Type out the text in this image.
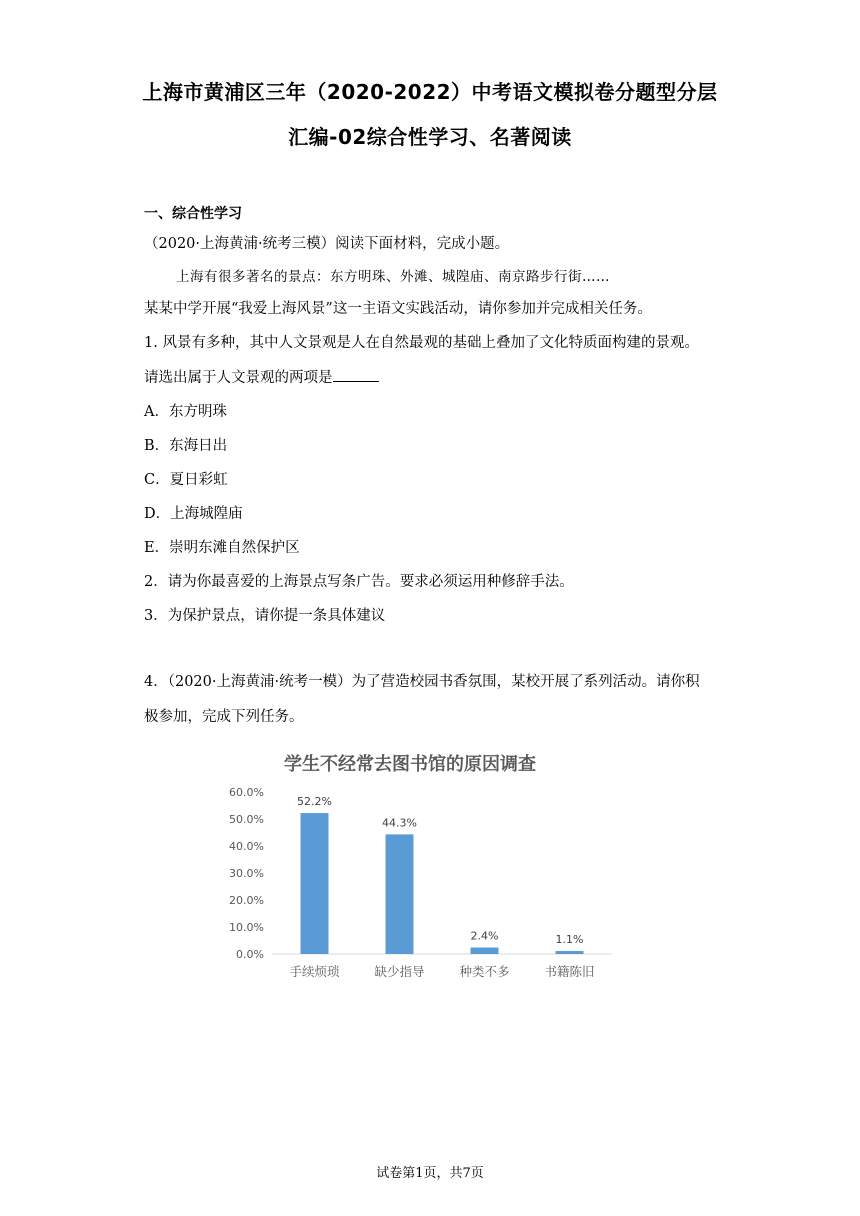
上海市黄浦区三年（2020-2022）中考语文模拟卷分题型分层
汇编-02综合性学习、名著阅读
一、综合性学习
（2020·上海黄浦·统考三模）阅读下面材料，完成小题。
上海有很多著名的景点：东方明珠、外滩、城隍庙、南京路步行街……
某某中学开展“我爱上海风景”这一主语文实践活动，请你参加并完成相关任务。
1. 风景有多种，其中人文景观是人在自然最观的基础上叠加了文化特质面构建的景观。
请选出属于人文景观的两项是
A．东方明珠
B．东海日出
C．夏日彩虹
D．上海城隍庙
E．崇明东滩自然保护区
2．请为你最喜爱的上海景点写条广告。要求必须运用种修辞手法。
3．为保护景点，请你提一条具体建议
4．（2020·上海黄浦·统考一模）为了营造校园书香氛围，某校开展了系列活动。请你积
极参加，完成下列任务。
学生不经常去图书馆的原因调查
0.0%
10.0%
20.0%
30.0%
40.0%
50.0%
60.0%
52.2%
44.3%
2.4%	1.1%
手续烦琐	缺少指导	种类不多	书籍陈旧
试卷第1页，共7页
